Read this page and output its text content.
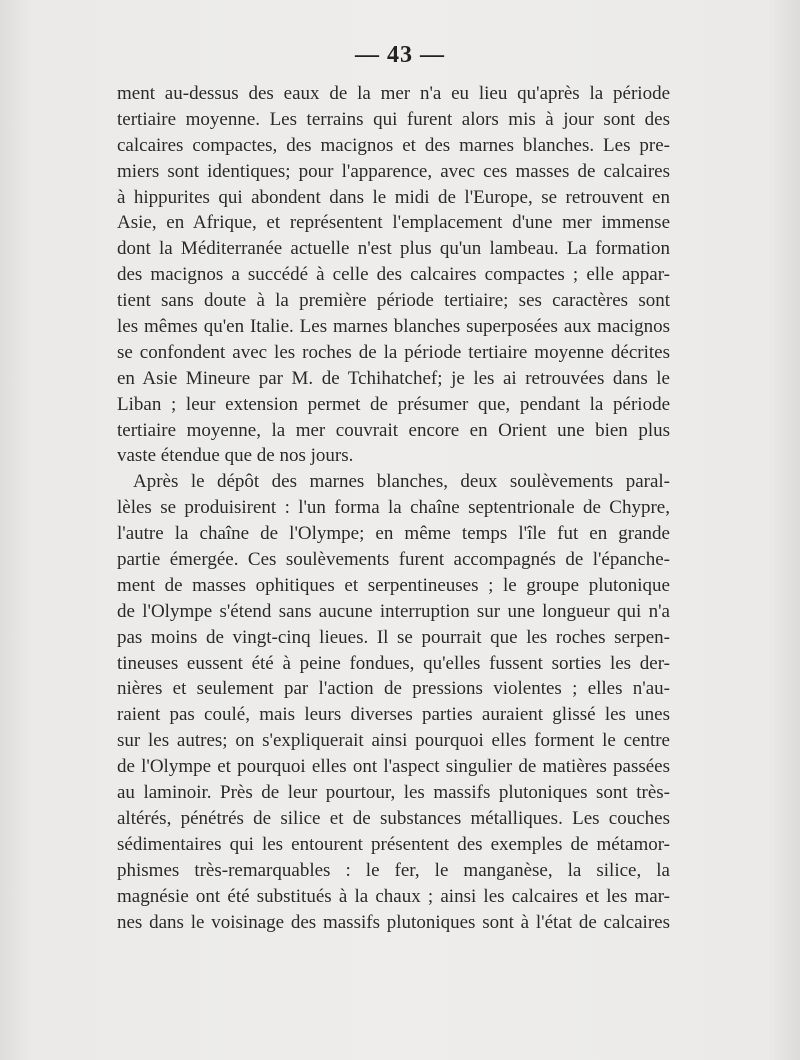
— 43 —
ment au-dessus des eaux de la mer n'a eu lieu qu'après la période
tertiaire moyenne. Les terrains qui furent alors mis à jour sont des
calcaires compactes, des macignos et des marnes blanches. Les pre-
miers sont identiques; pour l'apparence, avec ces masses de calcaires
à hippurites qui abondent dans le midi de l'Europe, se retrouvent en
Asie, en Afrique, et représentent l'emplacement d'une mer immense
dont la Méditerranée actuelle n'est plus qu'un lambeau. La formation
des macignos a succédé à celle des calcaires compactes ; elle appar-
tient sans doute à la première période tertiaire; ses caractères sont
les mêmes qu'en Italie. Les marnes blanches superposées aux macignos
se confondent avec les roches de la période tertiaire moyenne décrites
en Asie Mineure par M. de Tchihatchef; je les ai retrouvées dans le
Liban ; leur extension permet de présumer que, pendant la période
tertiaire moyenne, la mer couvrait encore en Orient une bien plus
vaste étendue que de nos jours.
Après le dépôt des marnes blanches, deux soulèvements paral-
lèles se produisirent : l'un forma la chaîne septentrionale de Chypre,
l'autre la chaîne de l'Olympe; en même temps l'île fut en grande
partie émergée. Ces soulèvements furent accompagnés de l'épanche-
ment de masses ophitiques et serpentineuses ; le groupe plutonique
de l'Olympe s'étend sans aucune interruption sur une longueur qui n'a
pas moins de vingt-cinq lieues. Il se pourrait que les roches serpen-
tineuses eussent été à peine fondues, qu'elles fussent sorties les der-
nières et seulement par l'action de pressions violentes ; elles n'au-
raient pas coulé, mais leurs diverses parties auraient glissé les unes
sur les autres; on s'expliquerait ainsi pourquoi elles forment le centre
de l'Olympe et pourquoi elles ont l'aspect singulier de matières passées
au laminoir. Près de leur pourtour, les massifs plutoniques sont très-
altérés, pénétrés de silice et de substances métalliques. Les couches
sédimentaires qui les entourent présentent des exemples de métamor-
phismes très-remarquables : le fer, le manganèse, la silice, la
magnésie ont été substitués à la chaux ; ainsi les calcaires et les mar-
nes dans le voisinage des massifs plutoniques sont à l'état de calcaires
